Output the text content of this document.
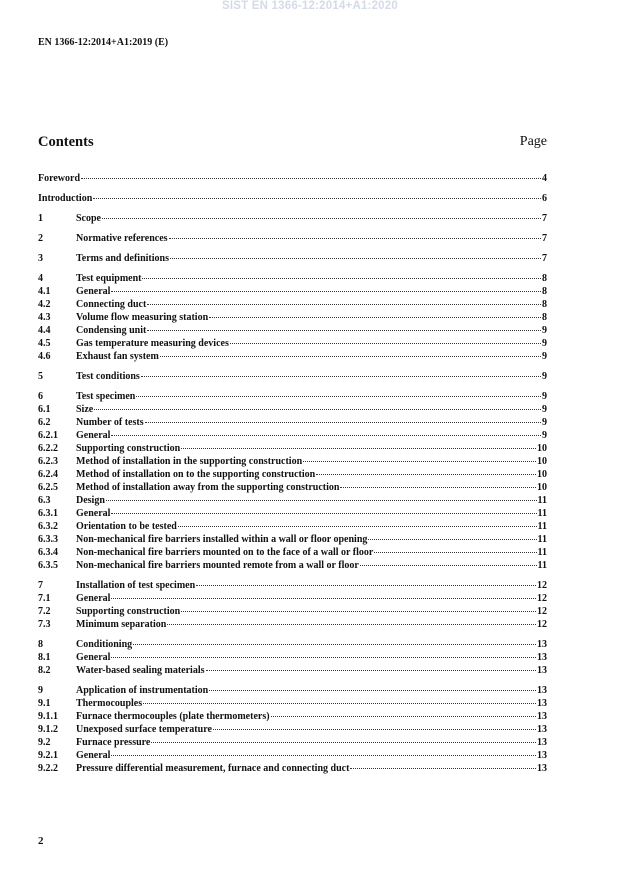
SIST EN 1366-12:2014+A1:2020
EN 1366-12:2014+A1:2019 (E)
Contents	Page
Foreword	4
Introduction	6
1	Scope	7
2	Normative references	7
3	Terms and definitions	7
4	Test equipment	8
4.1	General	8
4.2	Connecting duct	8
4.3	Volume flow measuring station	8
4.4	Condensing unit	9
4.5	Gas temperature measuring devices	9
4.6	Exhaust fan system	9
5	Test conditions	9
6	Test specimen	9
6.1	Size	9
6.2	Number of tests	9
6.2.1	General	9
6.2.2	Supporting construction	10
6.2.3	Method of installation in the supporting construction	10
6.2.4	Method of installation on to the supporting construction	10
6.2.5	Method of installation away from the supporting construction	10
6.3	Design	11
6.3.1	General	11
6.3.2	Orientation to be tested	11
6.3.3	Non-mechanical fire barriers installed within a wall or floor opening	11
6.3.4	Non-mechanical fire barriers mounted on to the face of a wall or floor	11
6.3.5	Non-mechanical fire barriers mounted remote from a wall or floor	11
7	Installation of test specimen	12
7.1	General	12
7.2	Supporting construction	12
7.3	Minimum separation	12
8	Conditioning	13
8.1	General	13
8.2	Water-based sealing materials	13
9	Application of instrumentation	13
9.1	Thermocouples	13
9.1.1	Furnace thermocouples (plate thermometers)	13
9.1.2	Unexposed surface temperature	13
9.2	Furnace pressure	13
9.2.1	General	13
9.2.2	Pressure differential measurement, furnace and connecting duct	13
2
